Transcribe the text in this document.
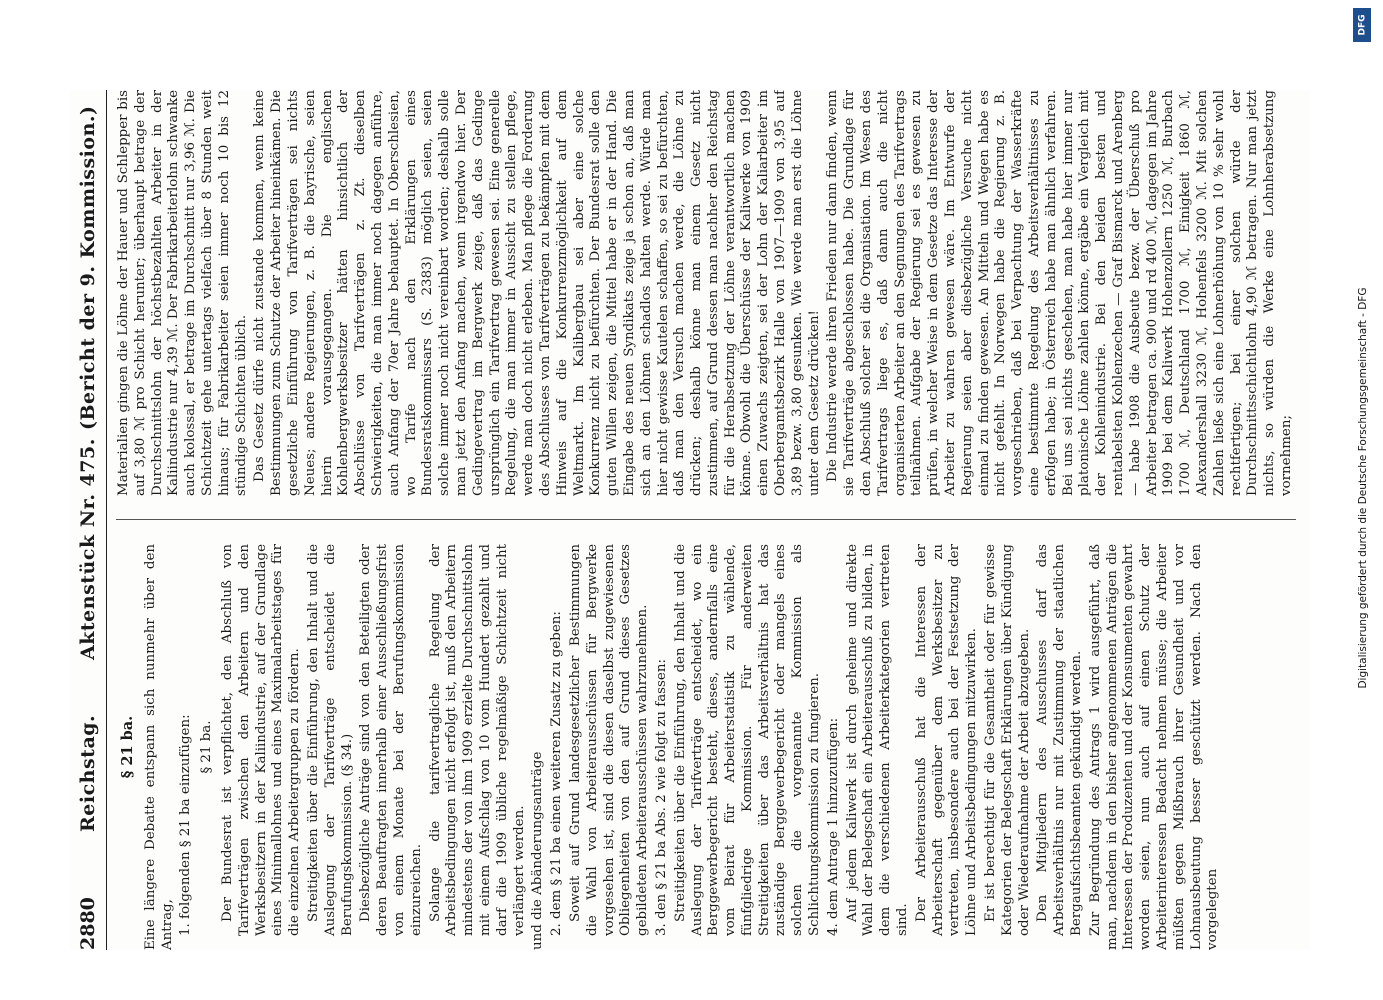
2880
Reichstag.
Aktenstück Nr. 475.
(Bericht der 9. Kommission.)

§ 21 ba. Eine längere Debatte entspann sich nunmehr über den Antrag, 1. folgenden § 21 ba einzufügen: § 21 ba. Der Bundesrat ist verpflichtet, den Abschluß von Tarifverträgen zwischen den Arbeitern und den Werksbesitzern in der Kaliindustrie, auf der Grundlage eines Minimallohnes und eines Maximalarbeitstages für die einzelnen Arbeitergruppen zu fördern. Streitigkeiten über die Einführung, den Inhalt und die Auslegung der Tarifverträge entscheidet die Berufungskommission. (§ 34.) Diesbezügliche Anträge sind von den Beteiligten oder deren Beauftragten innerhalb einer Ausschließungsfrist von einem Monate bei der Berufungskommission einzureichen. Solange die tarifvertragliche Regelung der Arbeitsbedingungen nicht erfolgt ist, muß den Arbeitern mindestens der von ihm 1909 erzielte Durchschnittslohn mit einem Aufschlag von 10 vom Hundert gezahlt und darf die 1909 übliche regelmäßige Schichtzeit nicht verlängert werden. und die Abänderungsanträge 2. dem § 21 ba einen weiteren Zusatz zu geben: Soweit auf Grund landesgesetzlicher Bestimmungen die Wahl von Arbeiterausschüssen für Bergwerke vorgesehen ist, sind die diesen daselbst zugewiesenen Obliegenheiten von den auf Grund dieses Gesetzes gebildeten Arbeiterausschüssen wahrzunehmen. 3. den § 21 ba Abs. 2 wie folgt zu fassen: Streitigkeiten über die Einführung, den Inhalt und die Auslegung der Tarifverträge entscheidet, wo ein Berggewerbegericht besteht, dieses, andernfalls eine vom Beirat für Arbeiterstatistik zu wählende, fünfgliedrige Kommission. Für anderweiten Streitigkeiten über das Arbeitsverhältnis hat das zuständige Berggewerbegericht oder mangels eines solchen die vorgenannte Kommission als Schlichtungskommission zu fungieren. 4. dem Antrage 1 hinzuzufügen: Auf jedem Kaliwerk ist durch geheime und direkte Wahl der Belegschaft ein Arbeiterausschuß zu bilden, in dem die verschiedenen Arbeiterkategorien vertreten sind. Der Arbeiterausschuß hat die Interessen der Arbeiterschaft gegenüber dem Werksbesitzer zu vertreten, insbesondere auch bei der Festsetzung der Löhne und Arbeitsbedingungen mitzuwirken. Er ist berechtigt für die Gesamtheit oder für gewisse Kategorien der Belegschaft Erklärungen über Kündigung oder Wiederaufnahme der Arbeit abzugeben. Den Mitgliedern des Ausschusses darf das Arbeitsverhältnis nur mit Zustimmung der staatlichen Bergaufsichtsbeamten gekündigt werden. Zur Begründung des Antrags 1 wird ausgeführt, daß man, nachdem in den bisher angenommenen Anträgen die Interessen der Produzenten und der Konsumenten gewahrt worden seien, nun auch auf einen Schutz der Arbeiterinteressen Bedacht nehmen müsse; die Arbeiter müßten gegen Mißbrauch ihrer Gesundheit und vor Lohnausbeutung besser geschützt werden. Nach den vorgelegten

Materialien gingen die Löhne der Hauer und Schlepper bis auf 3,80 ℳ pro Schicht herunter; überhaupt betrage der Durchschnittslohn der höchstbezahlten Arbeiter in der Kaliindustrie nur 4,39 ℳ. Der Fabrikarbeiterlohn schwanke auch kolossal, er betrage im Durchschnitt nur 3,96 ℳ. Die Schichtzeit gehe untertags vielfach über 8 Stunden weit hinaus; für Fabrikarbeiter seien immer noch 10 bis 12 stündige Schichten üblich. Das Gesetz dürfe nicht zustande kommen, wenn keine Bestimmungen zum Schutze der Arbeiter hineinkämen. Die gesetzliche Einführung von Tarifverträgen sei nichts Neues; andere Regierungen, z. B. die bayrische, seien hierin vorausgegangen. Die englischen Kohlenbergwerksbesitzer hätten hinsichtlich der Abschlüsse von Tarifverträgen z. Zt. dieselben Schwierigkeiten, die man immer noch dagegen anführe, auch Anfang der 70er Jahre behauptet. In Oberschlesien, wo Tarife nach den Erklärungen eines Bundesratskommissars (S. 2383) möglich seien, seien solche immer noch nicht vereinbart worden; deshalb solle man jetzt den Anfang machen, wenn irgendwo hier. Der Gedingevertrag im Bergwerk zeige, daß das Gedinge ursprünglich ein Tarifvertrag gewesen sei. Eine generelle Regelung, die man immer in Aussicht zu stellen pflege, werde man doch nicht erleben. Man pflege die Forderung des Abschlusses von Tarifverträgen zu bekämpfen mit dem Hinweis auf die Konkurrenzmöglichkeit auf dem Weltmarkt. Im Kalibergbau sei aber eine solche Konkurrenz nicht zu befürchten. Der Bundesrat solle den guten Willen zeigen, die Mittel habe er in der Hand. Die Eingabe des neuen Syndikats zeige ja schon an, daß man sich an den Löhnen schadlos halten werde. Würde man hier nicht gewisse Kautelen schaffen, so sei zu befürchten, daß man den Versuch machen werde, die Löhne zu drücken; deshalb könne man einem Gesetz nicht zustimmen, auf Grund dessen man nachher den Reichstag für die Herabsetzung der Löhne verantwortlich machen könne. Obwohl die Überschüsse der Kaliwerke von 1909 einen Zuwachs zeigten, sei der Lohn der Kaliarbeiter im Oberbergamtsbezirk Halle von 1907—1909 von 3,95 auf 3,89 bezw. 3,80 gesunken. Wie werde man erst die Löhne unter dem Gesetz drücken! Die Industrie werde ihren Frieden nur dann finden, wenn sie Tarifverträge abgeschlossen habe. Die Grundlage für den Abschluß solcher sei die Organisation. Im Wesen des Tarifvertrags liege es, daß dann auch die nicht organisierten Arbeiter an den Segnungen des Tarifvertrags teilnähmen. Aufgabe der Regierung sei es gewesen zu prüfen, in welcher Weise in dem Gesetze das Interesse der Arbeiter zu wahren gewesen wäre. Im Entwurfe der Regierung seien aber diesbezügliche Versuche nicht einmal zu finden gewesen. An Mitteln und Wegen habe es nicht gefehlt. In Norwegen habe die Regierung z. B. vorgeschrieben, daß bei Verpachtung der Wasserkräfte eine bestimmte Regelung des Arbeitsverhältnisses zu erfolgen habe; in Österreich habe man ähnlich verfahren. Bei uns sei nichts geschehen, man habe hier immer nur platonische Löhne zahlen könne, ergäbe ein Vergleich mit der Kohlenindustrie. Bei den beiden besten und rentabelsten Kohlenzechen — Graf Bismarck und Arenberg — habe 1908 die Ausbeute bezw. der Überschuß pro Arbeiter betragen ca. 900 und rd 400 ℳ, dagegen im Jahre 1909 bei dem Kaliwerk Hohenzollern 1250 ℳ, Burbach 1700 ℳ, Deutschland 1700 ℳ, Einigkeit 1860 ℳ, Alexandershall 3230 ℳ, Hohenfels 3200 ℳ. Mit solchen Zahlen ließe sich eine Lohnerhöhung von 10 % sehr wohl rechtfertigen; bei einer solchen würde der Durchschnittsschichtlohn 4,90 ℳ betragen. Nur man jetzt nichts, so würden die Werke eine Lohnherabsetzung vornehmen;

DFG
Digitalisierung gefördert durch die Deutsche Forschungsgemeinschaft - DFG
